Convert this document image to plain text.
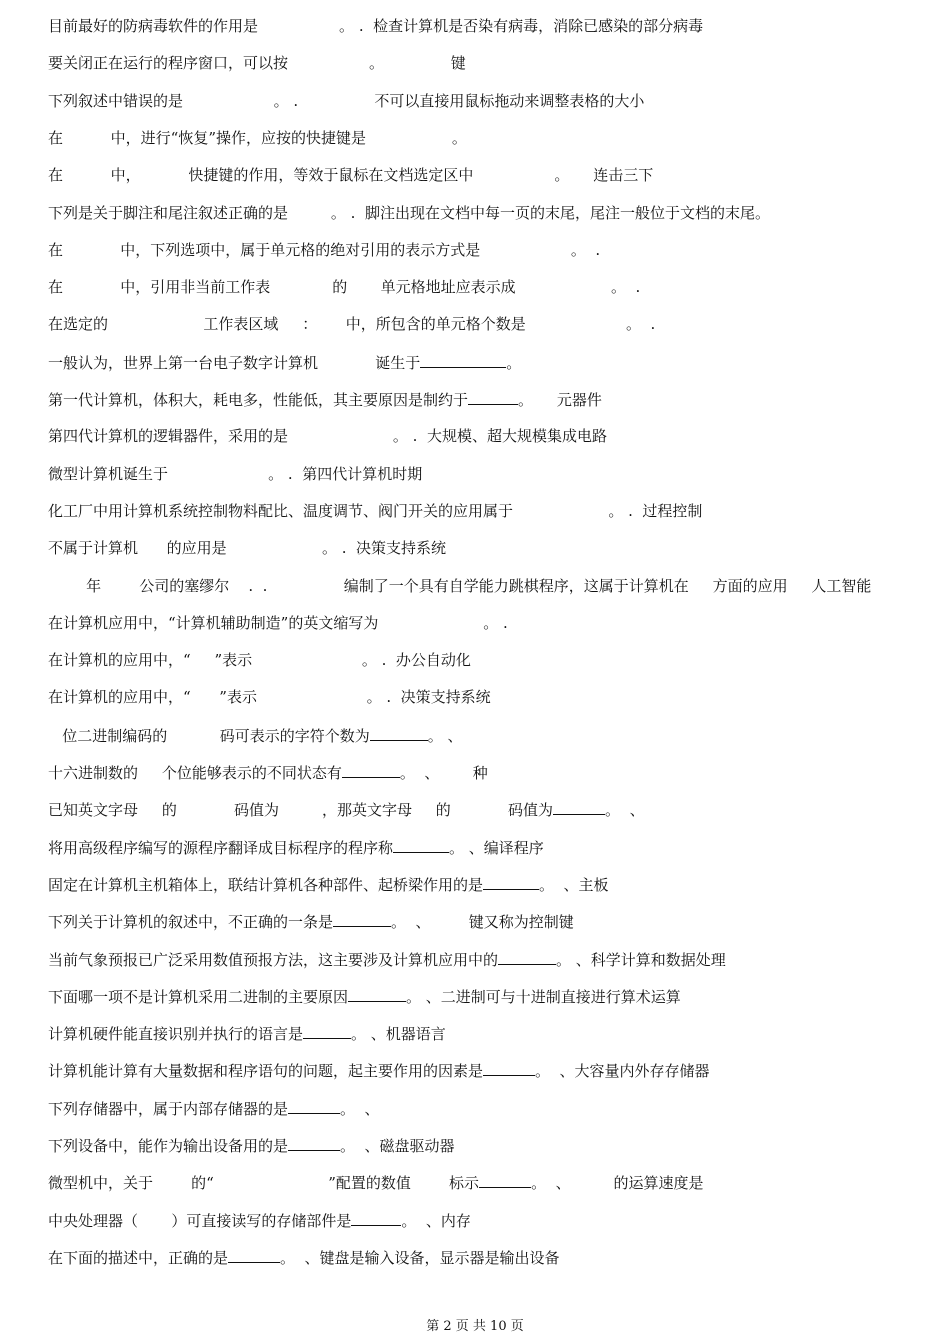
目前最好的防病毒软件的作用是                 。 .  检查计算机是否染有病毒，消除已感染的部分病毒
要关闭正在运行的程序窗口，可以按                 。              键
下列叙述中错误的是                   。 .                不可以直接用鼠标拖动来调整表格的大小
在          中，进行“恢复”操作，应按的快捷键是                  。
在          中，          快捷键的作用，等效于鼠标在文档选定区中                 。     连击三下
下列是关于脚注和尾注叙述正确的是         。 .  脚注出现在文档中每一页的末尾，尾注一般位于文档的末尾。
在            中，下列选项中，属于单元格的绝对引用的表示方式是                   。  .
在            中，引用非当前工作表             的       单元格地址应表示成                    。  .
在选定的                    工作表区域     ：      中，所包含的单元格个数是                     。  .
一般认为，世界上第一台电子数字计算机            诞生于	。
第一代计算机，体积大，耗电多，性能低，其主要原因是制约于	。     元器件
第四代计算机的逻辑器件，采用的是                      。 .  大规模、超大规模集成电路
微型计算机诞生于                     。 .  第四代计算机时期
化工厂中用计算机系统控制物料配比、温度调节、阀门开关的应用属于                    。 .  过程控制
不属于计算机      的应用是                    。 .  决策支持系统
年        公司的塞缪尔    .  .                编制了一个具有自学能力跳棋程序，这属于计算机在     方面的应用     人工智能
在计算机应用中，“计算机辅助制造”的英文缩写为                      。 .
在计算机的应用中，“     ”表示                       。 .  办公自动化
在计算机的应用中，“      ”表示                       。 .  决策支持系统
位二进制编码的           码可表示的字符个数为	。 、
十六进制数的     个位能够表示的不同状态有	。  、       种
已知英文字母     的            码值为         ，那英文字母     的            码值为	。  、
将用高级程序编写的源程序翻译成目标程序的程序称	。 、编译程序
固定在计算机主机箱体上，联结计算机各种部件、起桥梁作用的是	。  、主板
下列关于计算机的叙述中，不正确的一条是	。  、        键又称为控制键
当前气象预报已广泛采用数值预报方法，这主要涉及计算机应用中的	。 、科学计算和数据处理
下面哪一项不是计算机采用二进制的主要原因	。 、二进制可与十进制直接进行算术运算
计算机硬件能直接识别并执行的语言是	。 、机器语言
计算机能计算有大量数据和程序语句的问题，起主要作用的因素是	。  、大容量内外存存储器
下列存储器中，属于内部存储器的是	。  、
下列设备中，能作为输出设备用的是	。  、磁盘驱动器
微型机中，关于        的“                        ”配置的数值        标示	。  、         的运算速度是
中央处理器（       ）可直接读写的存储部件是	。  、内存
在下面的描述中，正确的是	。  、键盘是输入设备，显示器是输出设备
第 2 页 共 10 页
